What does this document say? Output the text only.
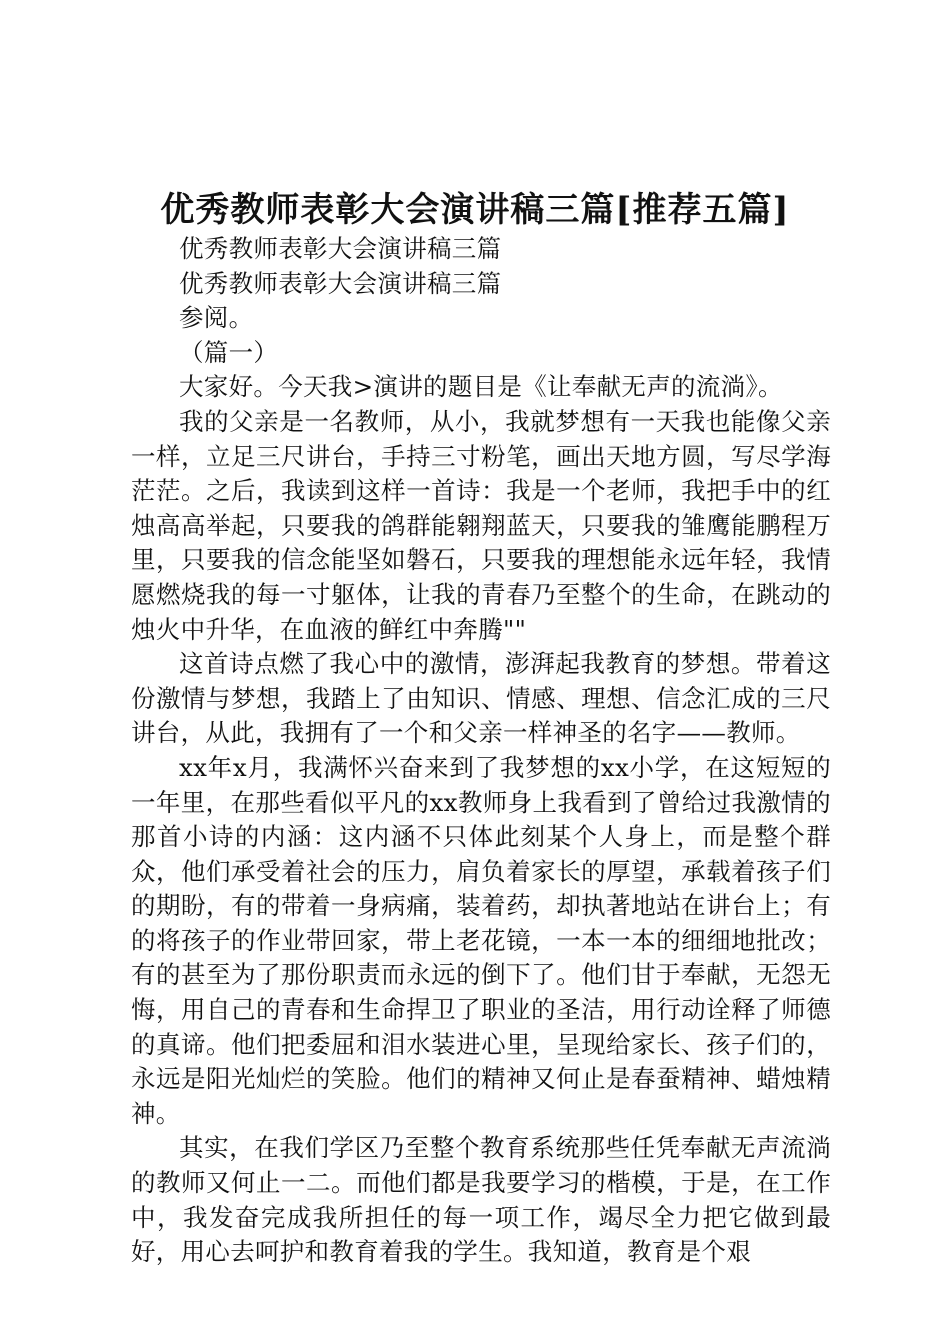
优秀教师表彰大会演讲稿三篇[推荐五篇]

优秀教师表彰大会演讲稿三篇

优秀教师表彰大会演讲稿三篇

参阅。

（篇一）

大家好。今天我>演讲的题目是《让奉献无声的流淌》。

我的父亲是一名教师，从小，我就梦想有一天我也能像父亲一样，立足三尺讲台，手持三寸粉笔，画出天地方圆，写尽学海茫茫。之后，我读到这样一首诗：我是一个老师，我把手中的红烛高高举起，只要我的鸽群能翱翔蓝天，只要我的雏鹰能鹏程万里，只要我的信念能坚如磐石，只要我的理想能永远年轻，我情愿燃烧我的每一寸躯体，让我的青春乃至整个的生命，在跳动的烛火中升华，在血液的鲜红中奔腾""

这首诗点燃了我心中的激情，澎湃起我教育的梦想。带着这份激情与梦想，我踏上了由知识、情感、理想、信念汇成的三尺讲台，从此，我拥有了一个和父亲一样神圣的名字——教师。

xx年x月，我满怀兴奋来到了我梦想的xx小学，在这短短的一年里，在那些看似平凡的xx教师身上我看到了曾给过我激情的那首小诗的内涵：这内涵不只体此刻某个人身上，而是整个群众，他们承受着社会的压力，肩负着家长的厚望，承载着孩子们的期盼，有的带着一身病痛，装着药，却执著地站在讲台上；有的将孩子的作业带回家，带上老花镜，一本一本的细细地批改；有的甚至为了那份职责而永远的倒下了。他们甘于奉献，无怨无悔，用自己的青春和生命捍卫了职业的圣洁，用行动诠释了师德的真谛。他们把委屈和泪水装进心里，呈现给家长、孩子们的，永远是阳光灿烂的笑脸。他们的精神又何止是春蚕精神、蜡烛精神。

其实，在我们学区乃至整个教育系统那些任凭奉献无声流淌的教师又何止一二。而他们都是我要学习的楷模，于是，在工作中，我发奋完成我所担任的每一项工作，竭尽全力把它做到最好，用心去呵护和教育着我的学生。我知道，教育是个艰
